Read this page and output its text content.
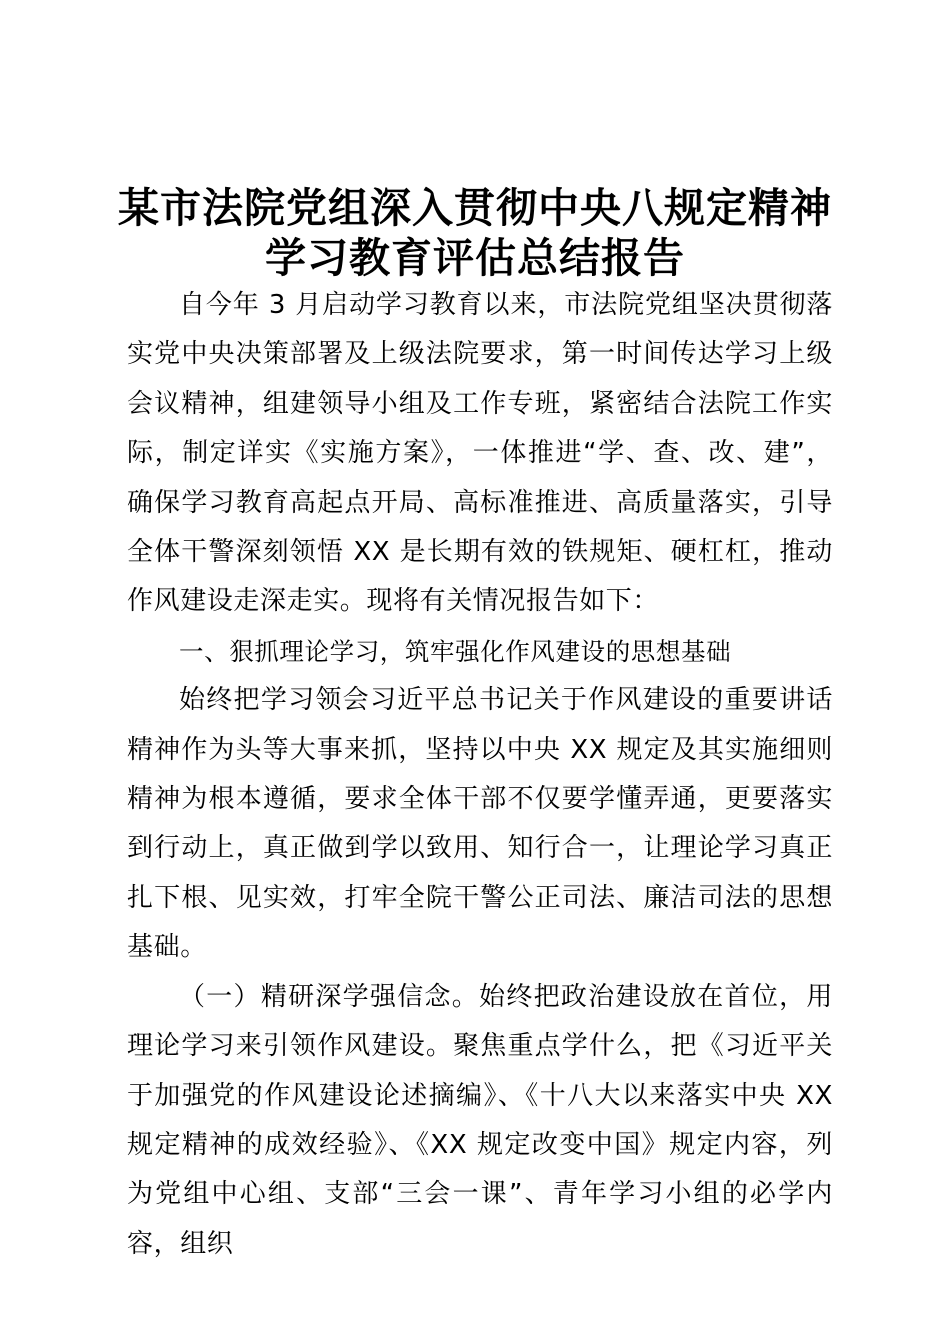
某市法院党组深入贯彻中央八规定精神
学习教育评估总结报告

自今年 3 月启动学习教育以来，市法院党组坚决贯彻落实党中央决策部署及上级法院要求，第一时间传达学习上级会议精神，组建领导小组及工作专班，紧密结合法院工作实际，制定详实《实施方案》，一体推进“学、查、改、建”，确保学习教育高起点开局、高标准推进、高质量落实，引导全体干警深刻领悟 XX 是长期有效的铁规矩、硬杠杠，推动作风建设走深走实。现将有关情况报告如下：

一、狠抓理论学习，筑牢强化作风建设的思想基础

始终把学习领会习近平总书记关于作风建设的重要讲话精神作为头等大事来抓，坚持以中央 XX 规定及其实施细则精神为根本遵循，要求全体干部不仅要学懂弄通，更要落实到行动上，真正做到学以致用、知行合一，让理论学习真正扎下根、见实效，打牢全院干警公正司法、廉洁司法的思想基础。

（一）精研深学强信念。始终把政治建设放在首位，用理论学习来引领作风建设。聚焦重点学什么，把《习近平关于加强党的作风建设论述摘编》、《十八大以来落实中央 XX 规定精神的成效经验》、《XX 规定改变中国》规定内容，列为党组中心组、支部“三会一课”、青年学习小组的必学内容，组织
